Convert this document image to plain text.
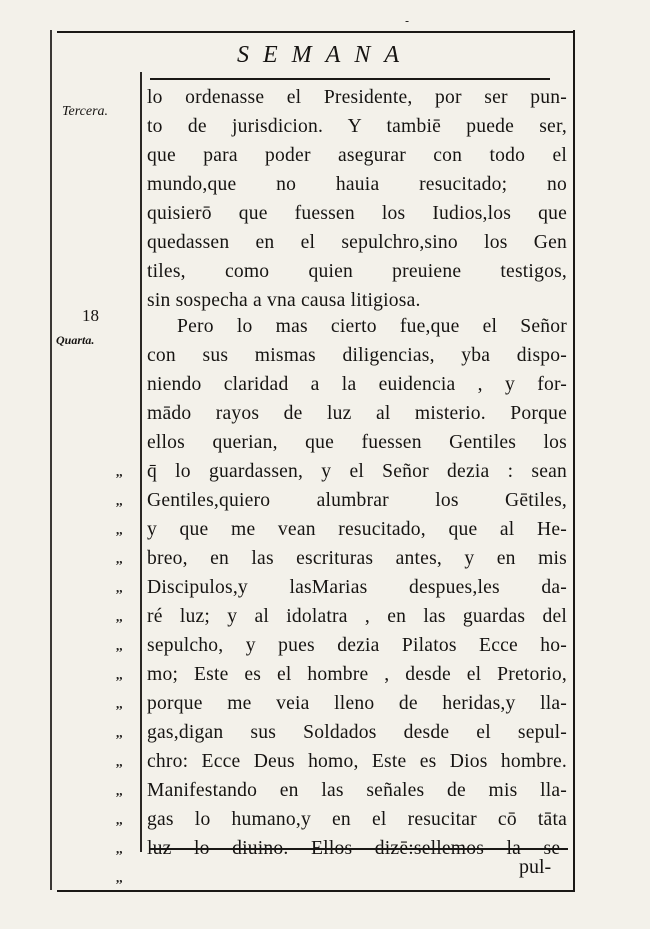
-
SEMANA
Tercera.
18
Quarta.
,,
,,
,,
,,
,,
,,
,,
,,
,,
,,
,,
,,
,,
,,
,,
lo ordenasse el Presidente, por ser pun-
to de jurisdicion. Y tambiē puede ser,
que para poder asegurar con todo el
mundo,que no hauia resucitado; no
quisierō que fuessen los Iudios,los que
quedassen en el sepulchro,sino los Gen
tiles, como quien preuiene testigos,
sin sospecha a vna causa litigiosa.
Pero lo mas cierto fue,que el Señor
con sus mismas diligencias, yba dispo-
niendo claridad a la euidencia , y for-
mādo rayos de luz al misterio. Porque
ellos querian, que fuessen Gentiles los
q̄ lo guardassen, y el Señor dezia : sean
Gentiles,quiero alumbrar los Gētiles,
y que me vean resucitado, que al He-
breo, en las escrituras antes, y en mis
Discipulos,y lasMarias despues,les da-
ré luz; y al idolatra , en las guardas del
sepulcho, y pues dezia Pilatos Ecce ho-
mo; Este es el hombre , desde el Pretorio,
porque me veia lleno de heridas,y lla-
gas,digan sus Soldados desde el sepul-
chro: Ecce Deus homo, Este es Dios hombre.
Manifestando en las señales de mis lla-
gas lo humano,y en el resucitar cō tāta
luz lo diuino. Ellos dizē:sellemos la se-
pul-
